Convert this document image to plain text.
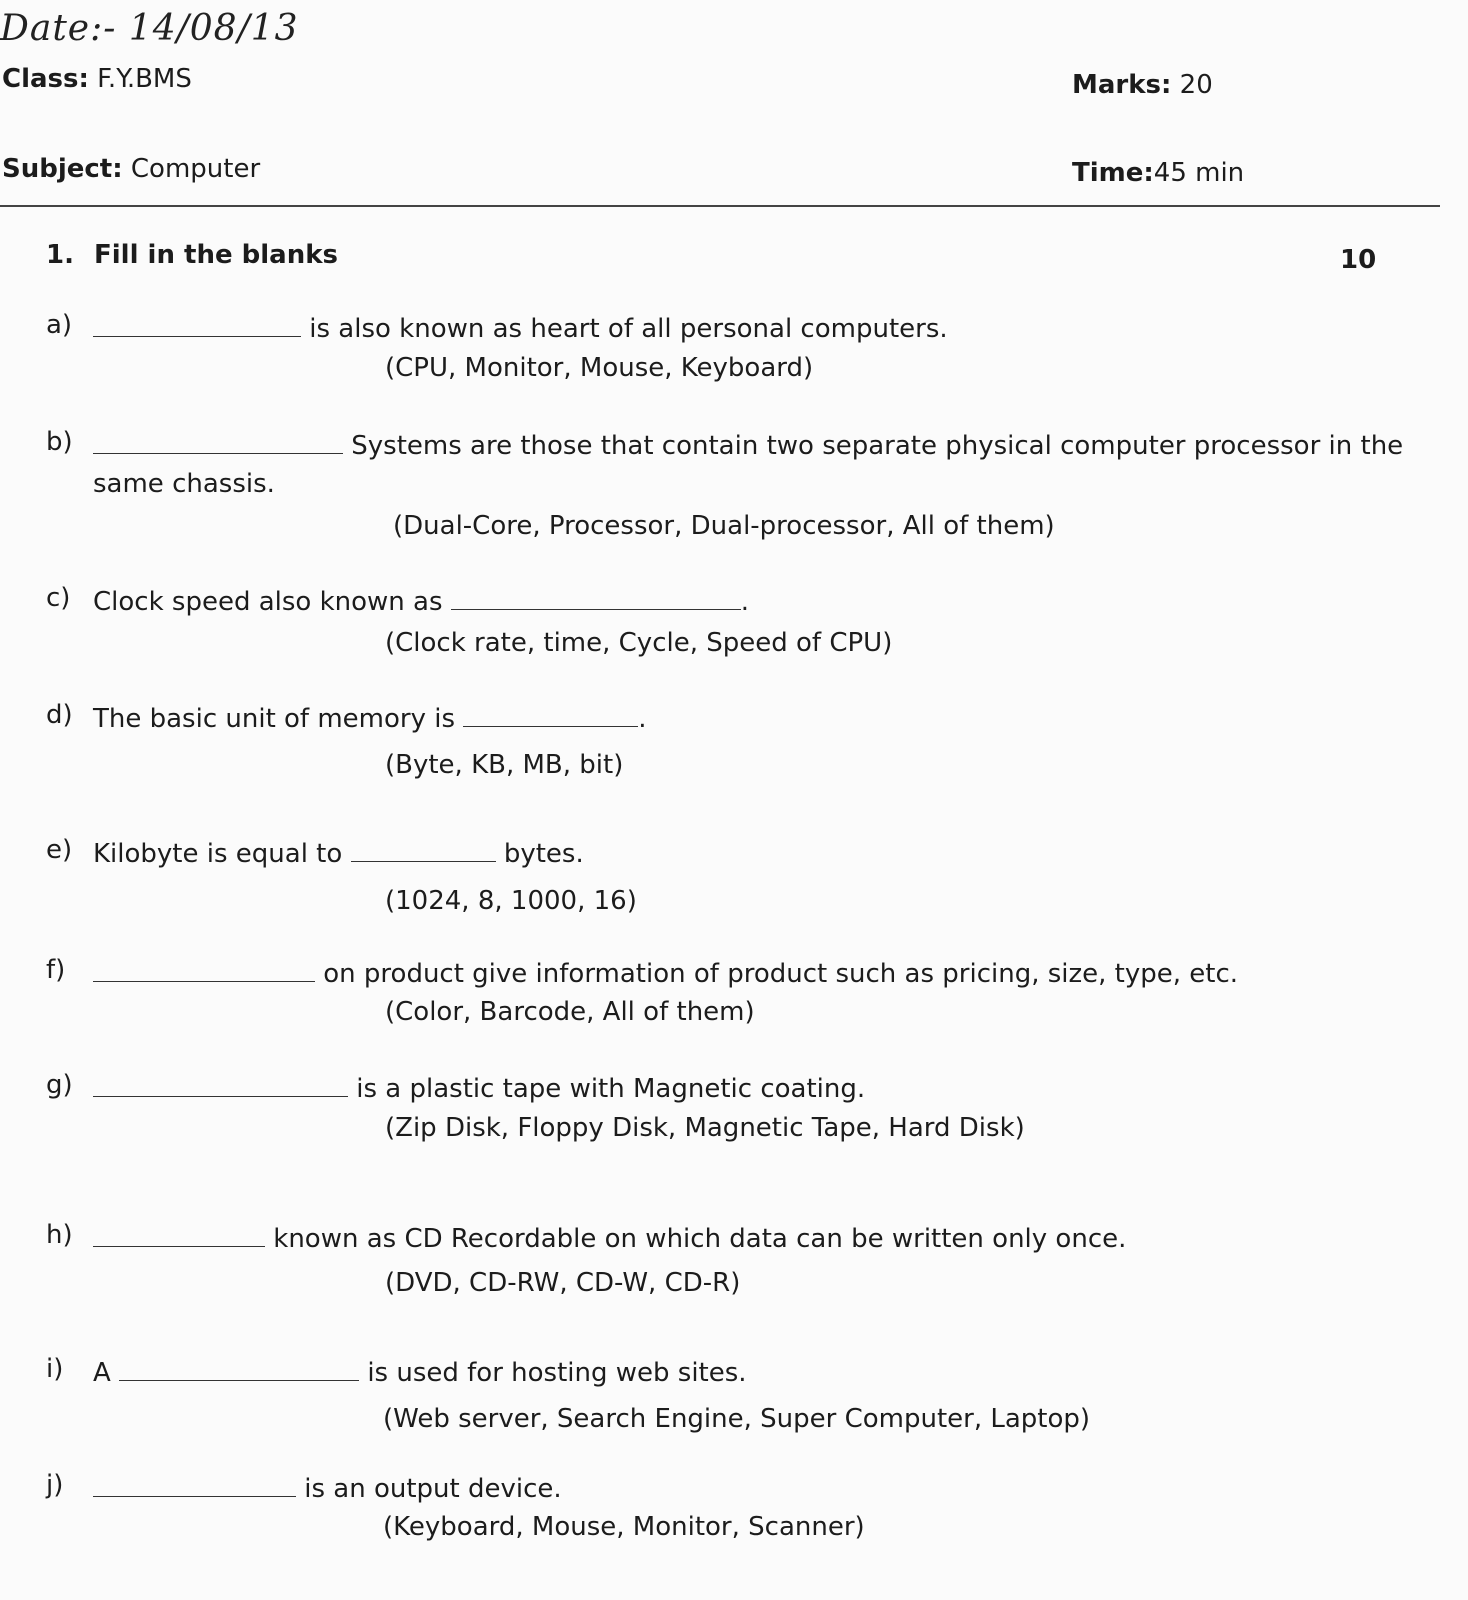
Date:- 14/08/13
Class: F.Y.BMS	Marks: 20
Subject: Computer	Time:45 min
1. Fill in the blanks	10
a)	is also known as heart of all personal computers.
(CPU, Monitor, Mouse, Keyboard)
b)	Systems are those that contain two separate physical computer processor in the same chassis.
(Dual-Core, Processor, Dual-processor, All of them)
c) Clock speed also known as	.
(Clock rate, time, Cycle, Speed of CPU)
d) The basic unit of memory is	.
(Byte, KB, MB, bit)
e) Kilobyte is equal to	bytes.
(1024, 8, 1000, 16)
f)	on product give information of product such as pricing, size, type, etc.
(Color, Barcode, All of them)
g)	is a plastic tape with Magnetic coating.
(Zip Disk, Floppy Disk, Magnetic Tape, Hard Disk)
h)	known as CD Recordable on which data can be written only once.
(DVD, CD-RW, CD-W, CD-R)
i)	A	is used for hosting web sites.
(Web server, Search Engine, Super Computer, Laptop)
j)	is an output device.
(Keyboard, Mouse, Monitor, Scanner)
